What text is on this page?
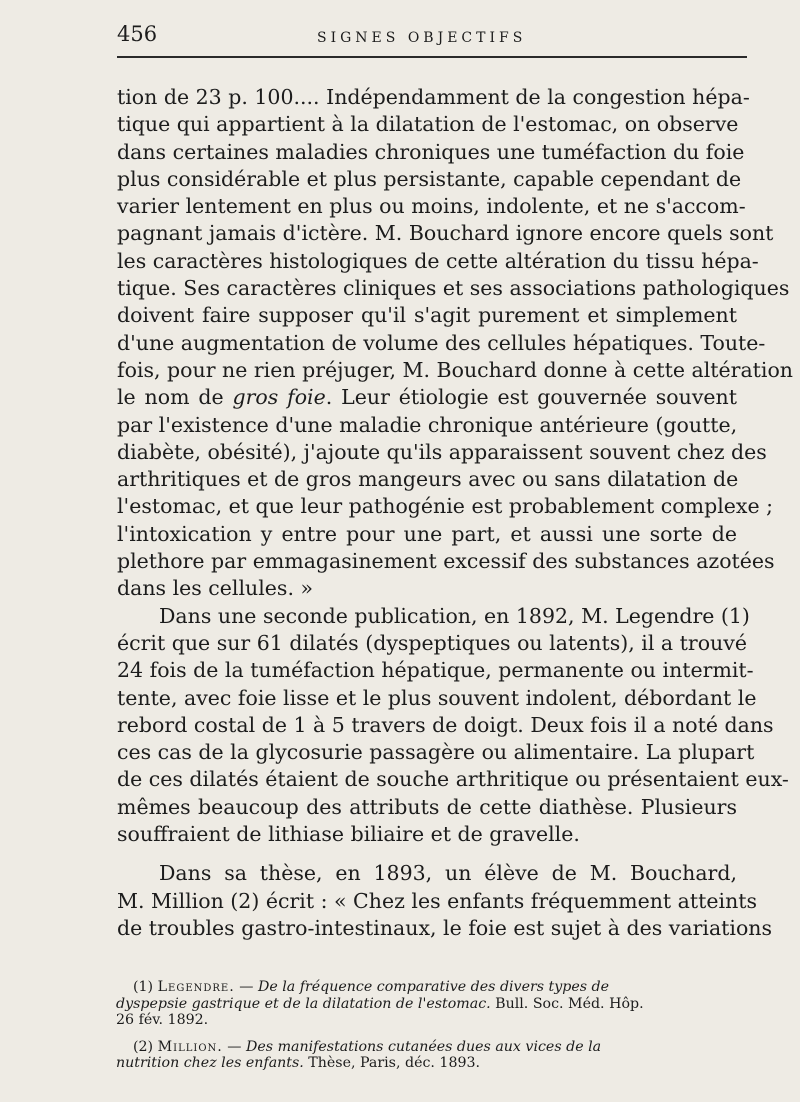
456	SIGNES OBJECTIFS
tion de 23 p. 100.... Indépendamment de la congestion hépa-
tique qui appartient à la dilatation de l'estomac, on observe
dans certaines maladies chroniques une tuméfaction du foie
plus considérable et plus persistante, capable cependant de
varier lentement en plus ou moins, indolente, et ne s'accom-
pagnant jamais d'ictère. M. Bouchard ignore encore quels sont
les caractères histologiques de cette altération du tissu hépa-
tique. Ses caractères cliniques et ses associations pathologiques
doivent faire supposer qu'il s'agit purement et simplement
d'une augmentation de volume des cellules hépatiques. Toute-
fois, pour ne rien préjuger, M. Bouchard donne à cette altération
le nom de gros foie. Leur étiologie est gouvernée souvent
par l'existence d'une maladie chronique antérieure (goutte,
diabète, obésité), j'ajoute qu'ils apparaissent souvent chez des
arthritiques et de gros mangeurs avec ou sans dilatation de
l'estomac, et que leur pathogénie est probablement complexe ;
l'intoxication y entre pour une part, et aussi une sorte de
plethore par emmagasinement excessif des substances azotées
dans les cellules. »
Dans une seconde publication, en 1892, M. Legendre (1)
écrit que sur 61 dilatés (dyspeptiques ou latents), il a trouvé
24 fois de la tuméfaction hépatique, permanente ou intermit-
tente, avec foie lisse et le plus souvent indolent, débordant le
rebord costal de 1 à 5 travers de doigt. Deux fois il a noté dans
ces cas de la glycosurie passagère ou alimentaire. La plupart
de ces dilatés étaient de souche arthritique ou présentaient eux-
mêmes beaucoup des attributs de cette diathèse. Plusieurs
souffraient de lithiase biliaire et de gravelle.
Dans sa thèse, en 1893, un élève de M. Bouchard,
M. Million (2) écrit : « Chez les enfants fréquemment atteints
de troubles gastro-intestinaux, le foie est sujet à des variations
(1) Legendre. — De la fréquence comparative des divers types de
dyspepsie gastrique et de la dilatation de l'estomac. Bull. Soc. Méd. Hôp.
26 fév. 1892.
(2) Million. — Des manifestations cutanées dues aux vices de la
nutrition chez les enfants. Thèse, Paris, déc. 1893.
